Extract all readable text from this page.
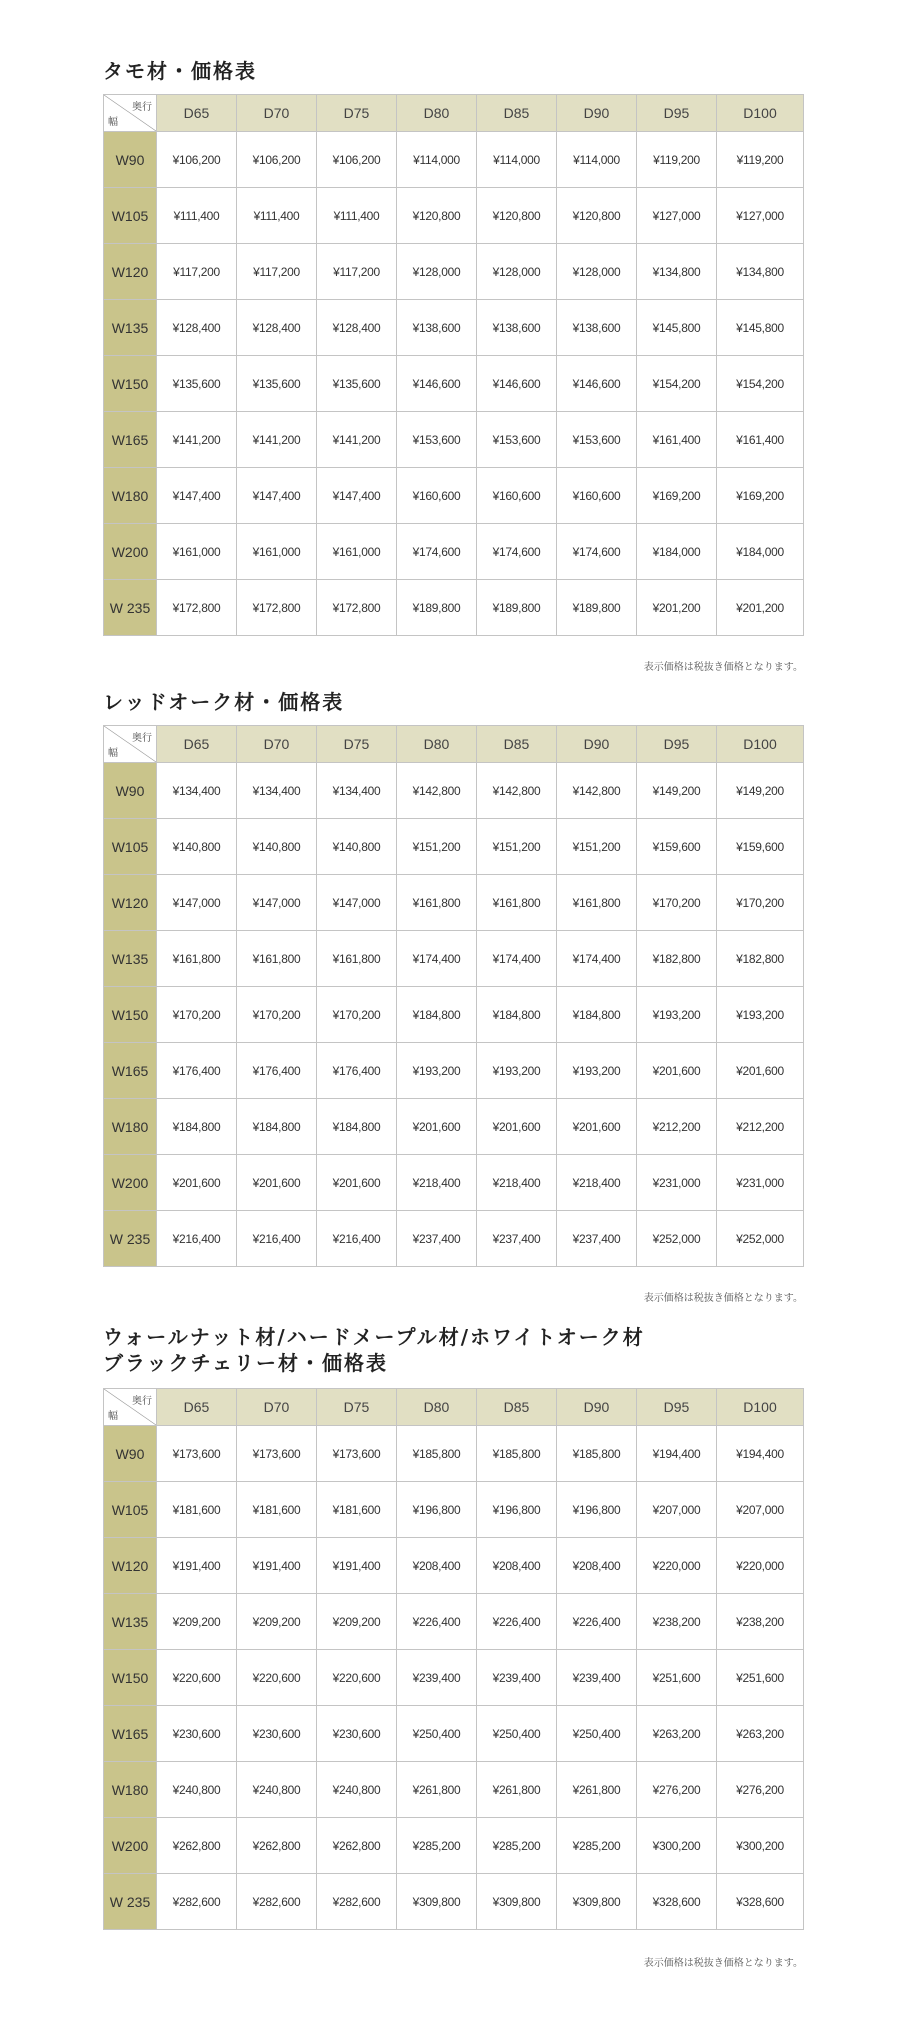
タモ材・価格表
奥行
幅	D65	D70	D75	D80	D85	D90	D95	D100
W90	¥106,200	¥106,200	¥106,200	¥114,000	¥114,000	¥114,000	¥119,200	¥119,200
W105	¥111,400	¥111,400	¥111,400	¥120,800	¥120,800	¥120,800	¥127,000	¥127,000
W120	¥117,200	¥117,200	¥117,200	¥128,000	¥128,000	¥128,000	¥134,800	¥134,800
W135	¥128,400	¥128,400	¥128,400	¥138,600	¥138,600	¥138,600	¥145,800	¥145,800
W150	¥135,600	¥135,600	¥135,600	¥146,600	¥146,600	¥146,600	¥154,200	¥154,200
W165	¥141,200	¥141,200	¥141,200	¥153,600	¥153,600	¥153,600	¥161,400	¥161,400
W180	¥147,400	¥147,400	¥147,400	¥160,600	¥160,600	¥160,600	¥169,200	¥169,200
W200	¥161,000	¥161,000	¥161,000	¥174,600	¥174,600	¥174,600	¥184,000	¥184,000
W 235	¥172,800	¥172,800	¥172,800	¥189,800	¥189,800	¥189,800	¥201,200	¥201,200
表示価格は税抜き価格となります。
レッドオーク材・価格表
奥行
幅	D65	D70	D75	D80	D85	D90	D95	D100
W90	¥134,400	¥134,400	¥134,400	¥142,800	¥142,800	¥142,800	¥149,200	¥149,200
W105	¥140,800	¥140,800	¥140,800	¥151,200	¥151,200	¥151,200	¥159,600	¥159,600
W120	¥147,000	¥147,000	¥147,000	¥161,800	¥161,800	¥161,800	¥170,200	¥170,200
W135	¥161,800	¥161,800	¥161,800	¥174,400	¥174,400	¥174,400	¥182,800	¥182,800
W150	¥170,200	¥170,200	¥170,200	¥184,800	¥184,800	¥184,800	¥193,200	¥193,200
W165	¥176,400	¥176,400	¥176,400	¥193,200	¥193,200	¥193,200	¥201,600	¥201,600
W180	¥184,800	¥184,800	¥184,800	¥201,600	¥201,600	¥201,600	¥212,200	¥212,200
W200	¥201,600	¥201,600	¥201,600	¥218,400	¥218,400	¥218,400	¥231,000	¥231,000
W 235	¥216,400	¥216,400	¥216,400	¥237,400	¥237,400	¥237,400	¥252,000	¥252,000
表示価格は税抜き価格となります。
ウォールナット材/ハードメープル材/ホワイトオーク材
ブラックチェリー材・価格表
奥行
幅	D65	D70	D75	D80	D85	D90	D95	D100
W90	¥173,600	¥173,600	¥173,600	¥185,800	¥185,800	¥185,800	¥194,400	¥194,400
W105	¥181,600	¥181,600	¥181,600	¥196,800	¥196,800	¥196,800	¥207,000	¥207,000
W120	¥191,400	¥191,400	¥191,400	¥208,400	¥208,400	¥208,400	¥220,000	¥220,000
W135	¥209,200	¥209,200	¥209,200	¥226,400	¥226,400	¥226,400	¥238,200	¥238,200
W150	¥220,600	¥220,600	¥220,600	¥239,400	¥239,400	¥239,400	¥251,600	¥251,600
W165	¥230,600	¥230,600	¥230,600	¥250,400	¥250,400	¥250,400	¥263,200	¥263,200
W180	¥240,800	¥240,800	¥240,800	¥261,800	¥261,800	¥261,800	¥276,200	¥276,200
W200	¥262,800	¥262,800	¥262,800	¥285,200	¥285,200	¥285,200	¥300,200	¥300,200
W 235	¥282,600	¥282,600	¥282,600	¥309,800	¥309,800	¥309,800	¥328,600	¥328,600
表示価格は税抜き価格となります。
